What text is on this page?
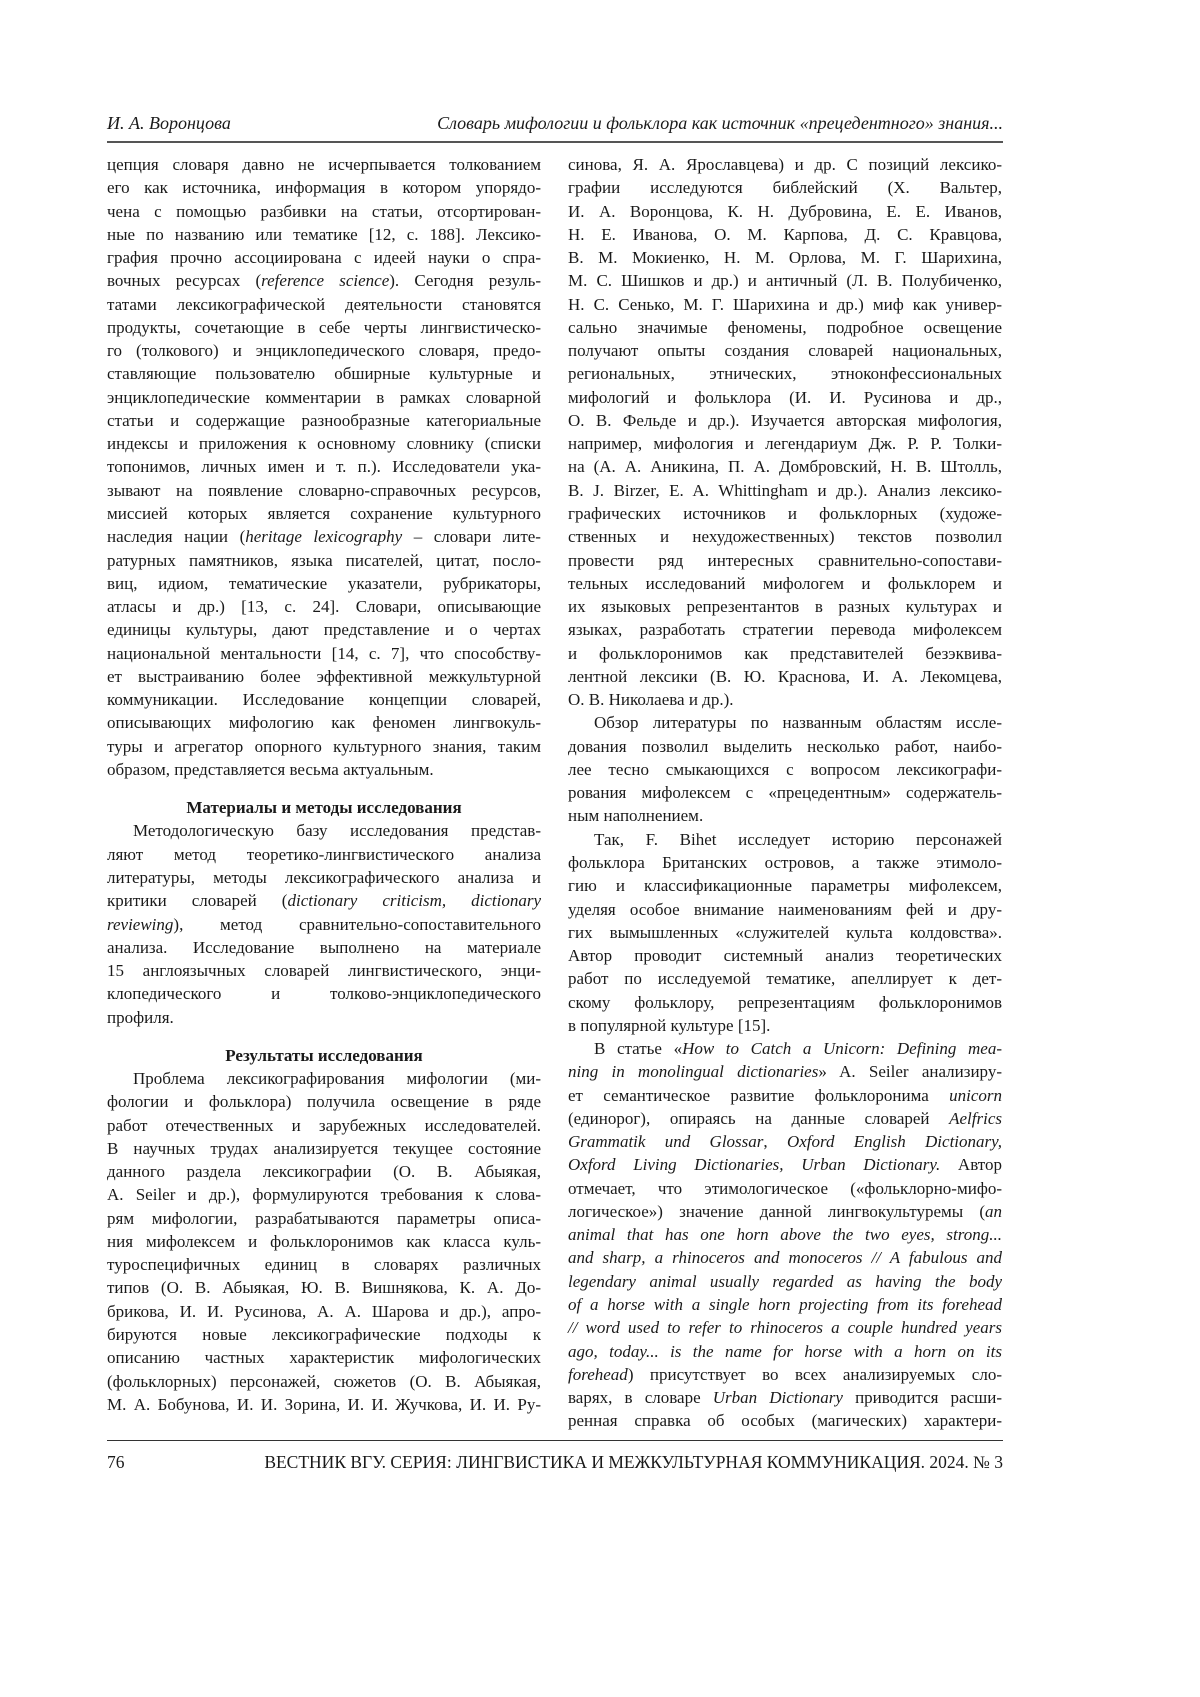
И. А. Воронцова	Словарь мифологии и фольклора как источник «прецедентного» знания...
цепция словаря давно не исчерпывается толкованием
его как источника, информация в котором упорядо-
чена с помощью разбивки на статьи, отсортирован-
ные по названию или тематике [12, с. 188]. Лексико-
графия прочно ассоциирована с идеей науки о спра-
вочных ресурсах (reference science). Сегодня резуль-
татами лексикографической деятельности становятся
продукты, сочетающие в себе черты лингвистическо-
го (толкового) и энциклопедического словаря, предо-
ставляющие пользователю обширные культурные и
энциклопедические комментарии в рамках словарной
статьи и содержащие разнообразные категориальные
индексы и приложения к основному словнику (списки
топонимов, личных имен и т. п.). Исследователи ука-
зывают на появление словарно-справочных ресурсов,
миссией которых является сохранение культурного
наследия нации (heritage lexicography – словари лите-
ратурных памятников, языка писателей, цитат, посло-
виц, идиом, тематические указатели, рубрикаторы,
атласы и др.) [13, с. 24]. Словари, описывающие
единицы культуры, дают представление и о чертах
национальной ментальности [14, с. 7], что способству-
ет выстраиванию более эффективной межкультурной
коммуникации. Исследование концепции словарей,
описывающих мифологию как феномен лингвокуль-
туры и агрегатор опорного культурного знания, таким
образом, представляется весьма актуальным.
Материалы и методы исследования
Методологическую базу исследования представ-
ляют метод теоретико-лингвистического анализа
литературы, методы лексикографического анализа и
критики словарей (dictionary criticism, dictionary
reviewing), метод сравнительно-сопоставительного
анализа. Исследование выполнено на материале
15 англоязычных словарей лингвистического, энци-
клопедического и толково-энциклопедического
профиля.
Результаты исследования
Проблема лексикографирования мифологии (ми-
фологии и фольклора) получила освещение в ряде
работ отечественных и зарубежных исследователей.
В научных трудах анализируется текущее состояние
данного раздела лексикографии (О. В. Абыякая,
A. Seiler и др.), формулируются требования к слова-
рям мифологии, разрабатываются параметры описа-
ния мифолексем и фольклоронимов как класса куль-
туроспецифичных единиц в словарях различных
типов (О. В. Абыякая, Ю. В. Вишнякова, К. А. До-
брикова, И. И. Русинова, А. А. Шарова и др.), апро-
бируются новые лексикографические подходы к
описанию частных характеристик мифологических
(фольклорных) персонажей, сюжетов (О. В. Абыякая,
М. А. Бобунова, И. И. Зорина, И. И. Жучкова, И. И. Ру-
синова, Я. А. Ярославцева) и др. С позиций лексико-
графии исследуются библейский (Х. Вальтер,
И. А. Воронцова, К. Н. Дубровина, Е. Е. Иванов,
Н. Е. Иванова, О. М. Карпова, Д. С. Кравцова,
В. М. Мокиенко, Н. М. Орлова, М. Г. Шарихина,
М. С. Шишков и др.) и античный (Л. В. Полубиченко,
Н. С. Сенько, М. Г. Шарихина и др.) миф как универ-
сально значимые феномены, подробное освещение
получают опыты создания словарей национальных,
региональных, этнических, этноконфессиональных
мифологий и фольклора (И. И. Русинова и др.,
О. В. Фельде и др.). Изучается авторская мифология,
например, мифология и легендариум Дж. Р. Р. Толки-
на (А. А. Аникина, П. А. Домбровский, Н. В. Штолль,
B. J. Birzer, E. A. Whittingham и др.). Анализ лексико-
графических источников и фольклорных (художе-
ственных и нехудожественных) текстов позволил
провести ряд интересных сравнительно-сопостави-
тельных исследований мифологем и фольклорем и
их языковых репрезентантов в разных культурах и
языках, разработать стратегии перевода мифолексем
и фольклоронимов как представителей безэквива-
лентной лексики (В. Ю. Краснова, И. А. Лекомцева,
О. В. Николаева и др.).
Обзор литературы по названным областям иссле-
дования позволил выделить несколько работ, наибо-
лее тесно смыкающихся с вопросом лексикографи-
рования мифолексем с «прецедентным» содержатель-
ным наполнением.
Так, F. Bihet исследует историю персонажей
фольклора Британских островов, а также этимоло-
гию и классификационные параметры мифолексем,
уделяя особое внимание наименованиям фей и дру-
гих вымышленных «служителей культа колдовства».
Автор проводит системный анализ теоретических
работ по исследуемой тематике, апеллирует к дет-
скому фольклору, репрезентациям фольклоронимов
в популярной культуре [15].
В статье «How to Catch a Unicorn: Defining mea-
ning in monolingual dictionaries» A. Seiler анализиру-
ет семантическое развитие фольклоронима unicorn
(единорог), опираясь на данные словарей Aelfrics
Grammatik und Glossar, Oxford English Dictionary,
Oxford Living Dictionaries, Urban Dictionary. Автор
отмечает, что этимологическое («фольклорно-мифо-
логическое») значение данной лингвокультуремы (an
animal that has one horn above the two eyes, strong...
and sharp, a rhinoceros and monoceros // A fabulous and
legendary animal usually regarded as having the body
of a horse with a single horn projecting from its forehead
// word used to refer to rhinoceros a couple hundred years
ago, today... is the name for horse with a horn on its
forehead) присутствует во всех анализируемых сло-
варях, в словаре Urban Dictionary приводится расши-
ренная справка об особых (магических) характери-
76	ВЕСТНИК ВГУ. СЕРИЯ: ЛИНГВИСТИКА И МЕЖКУЛЬТУРНАЯ КОММУНИКАЦИЯ. 2024. № 3
